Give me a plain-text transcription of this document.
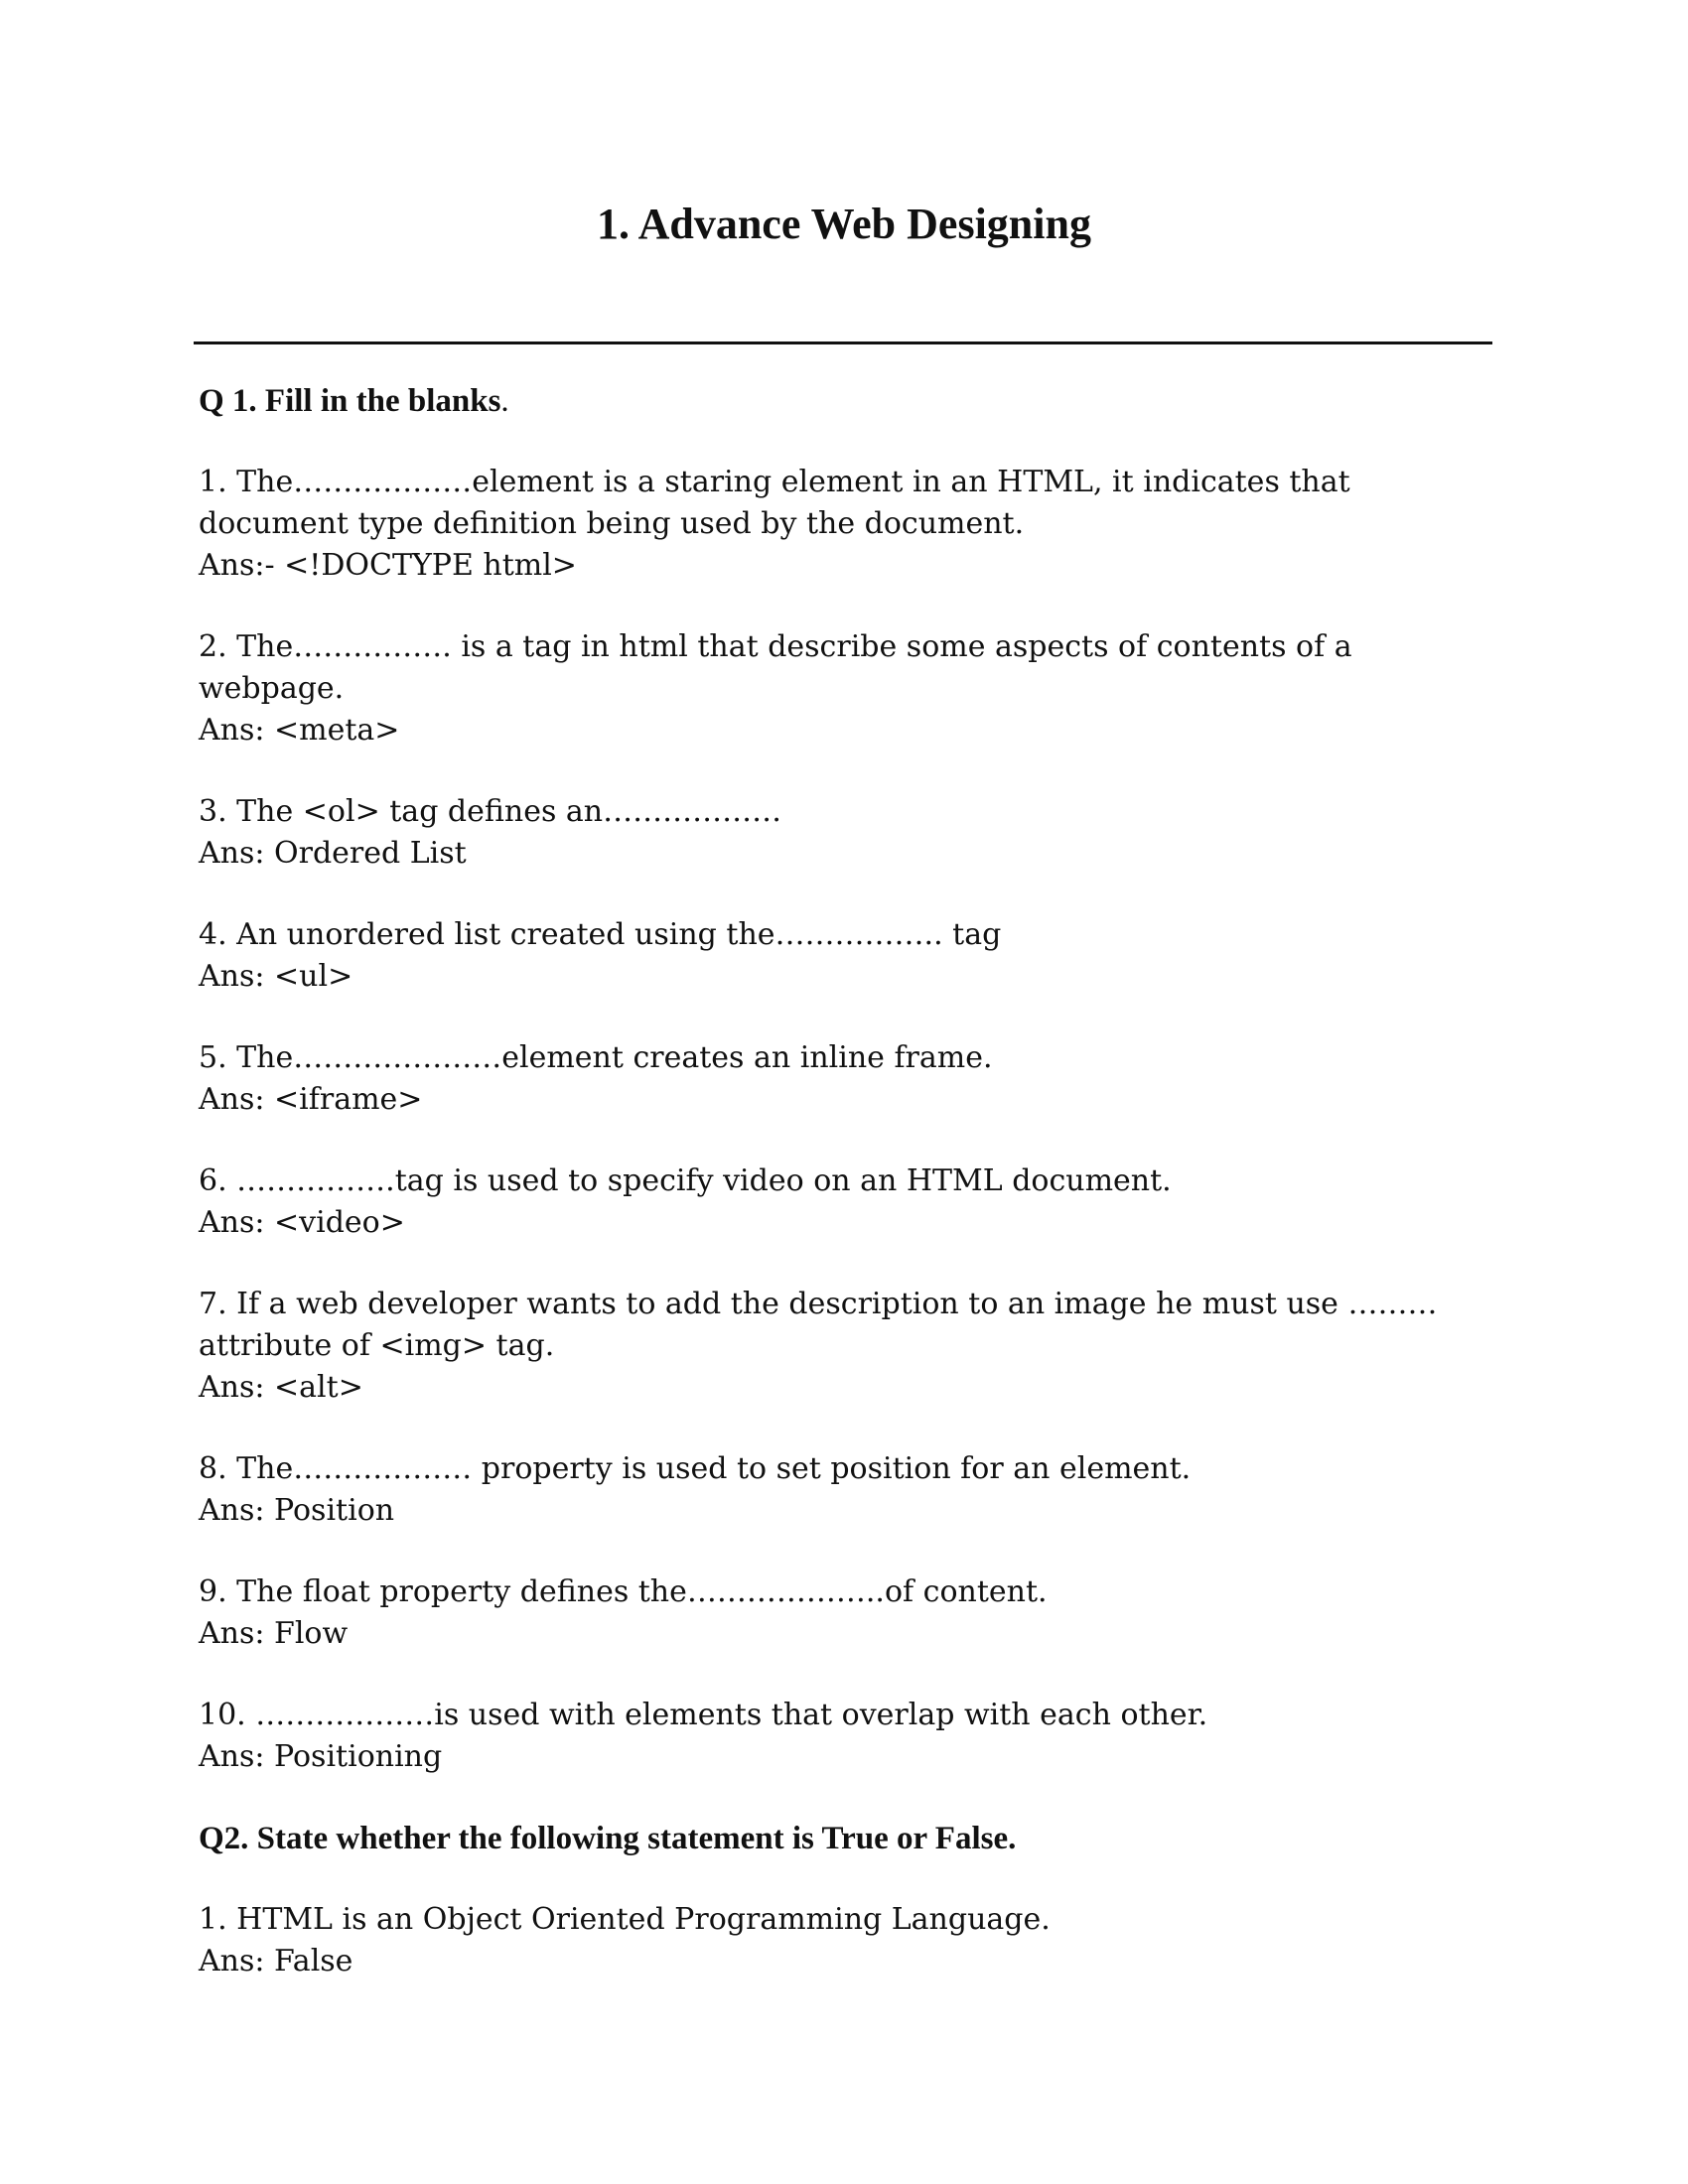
1. Advance Web Designing
Q 1. Fill in the blanks.

1. The………………element is a staring element in an HTML, it indicates that document type definition being used by the document.

Ans:- <!DOCTYPE html>

2. The……………. is a tag in html that describe some aspects of contents of a webpage.

Ans: <meta>

3. The <ol> tag defines an………………

Ans: Ordered List

4. An unordered list created using the…………….. tag

Ans: <ul>

5. The…………………element creates an inline frame.

Ans: <iframe>

6. …………….tag is used to specify video on an HTML document.

Ans: <video>

7. If a web developer wants to add the description to an image he must use ……… attribute of <img> tag.

Ans: <alt>

8. The……………… property is used to set position for an element.

Ans: Position

9. The float property defines the………………..of content.

Ans: Flow

10. ………………is used with elements that overlap with each other.

Ans: Positioning

Q2. State whether the following statement is True or False.

1. HTML is an Object Oriented Programming Language.

Ans: False
